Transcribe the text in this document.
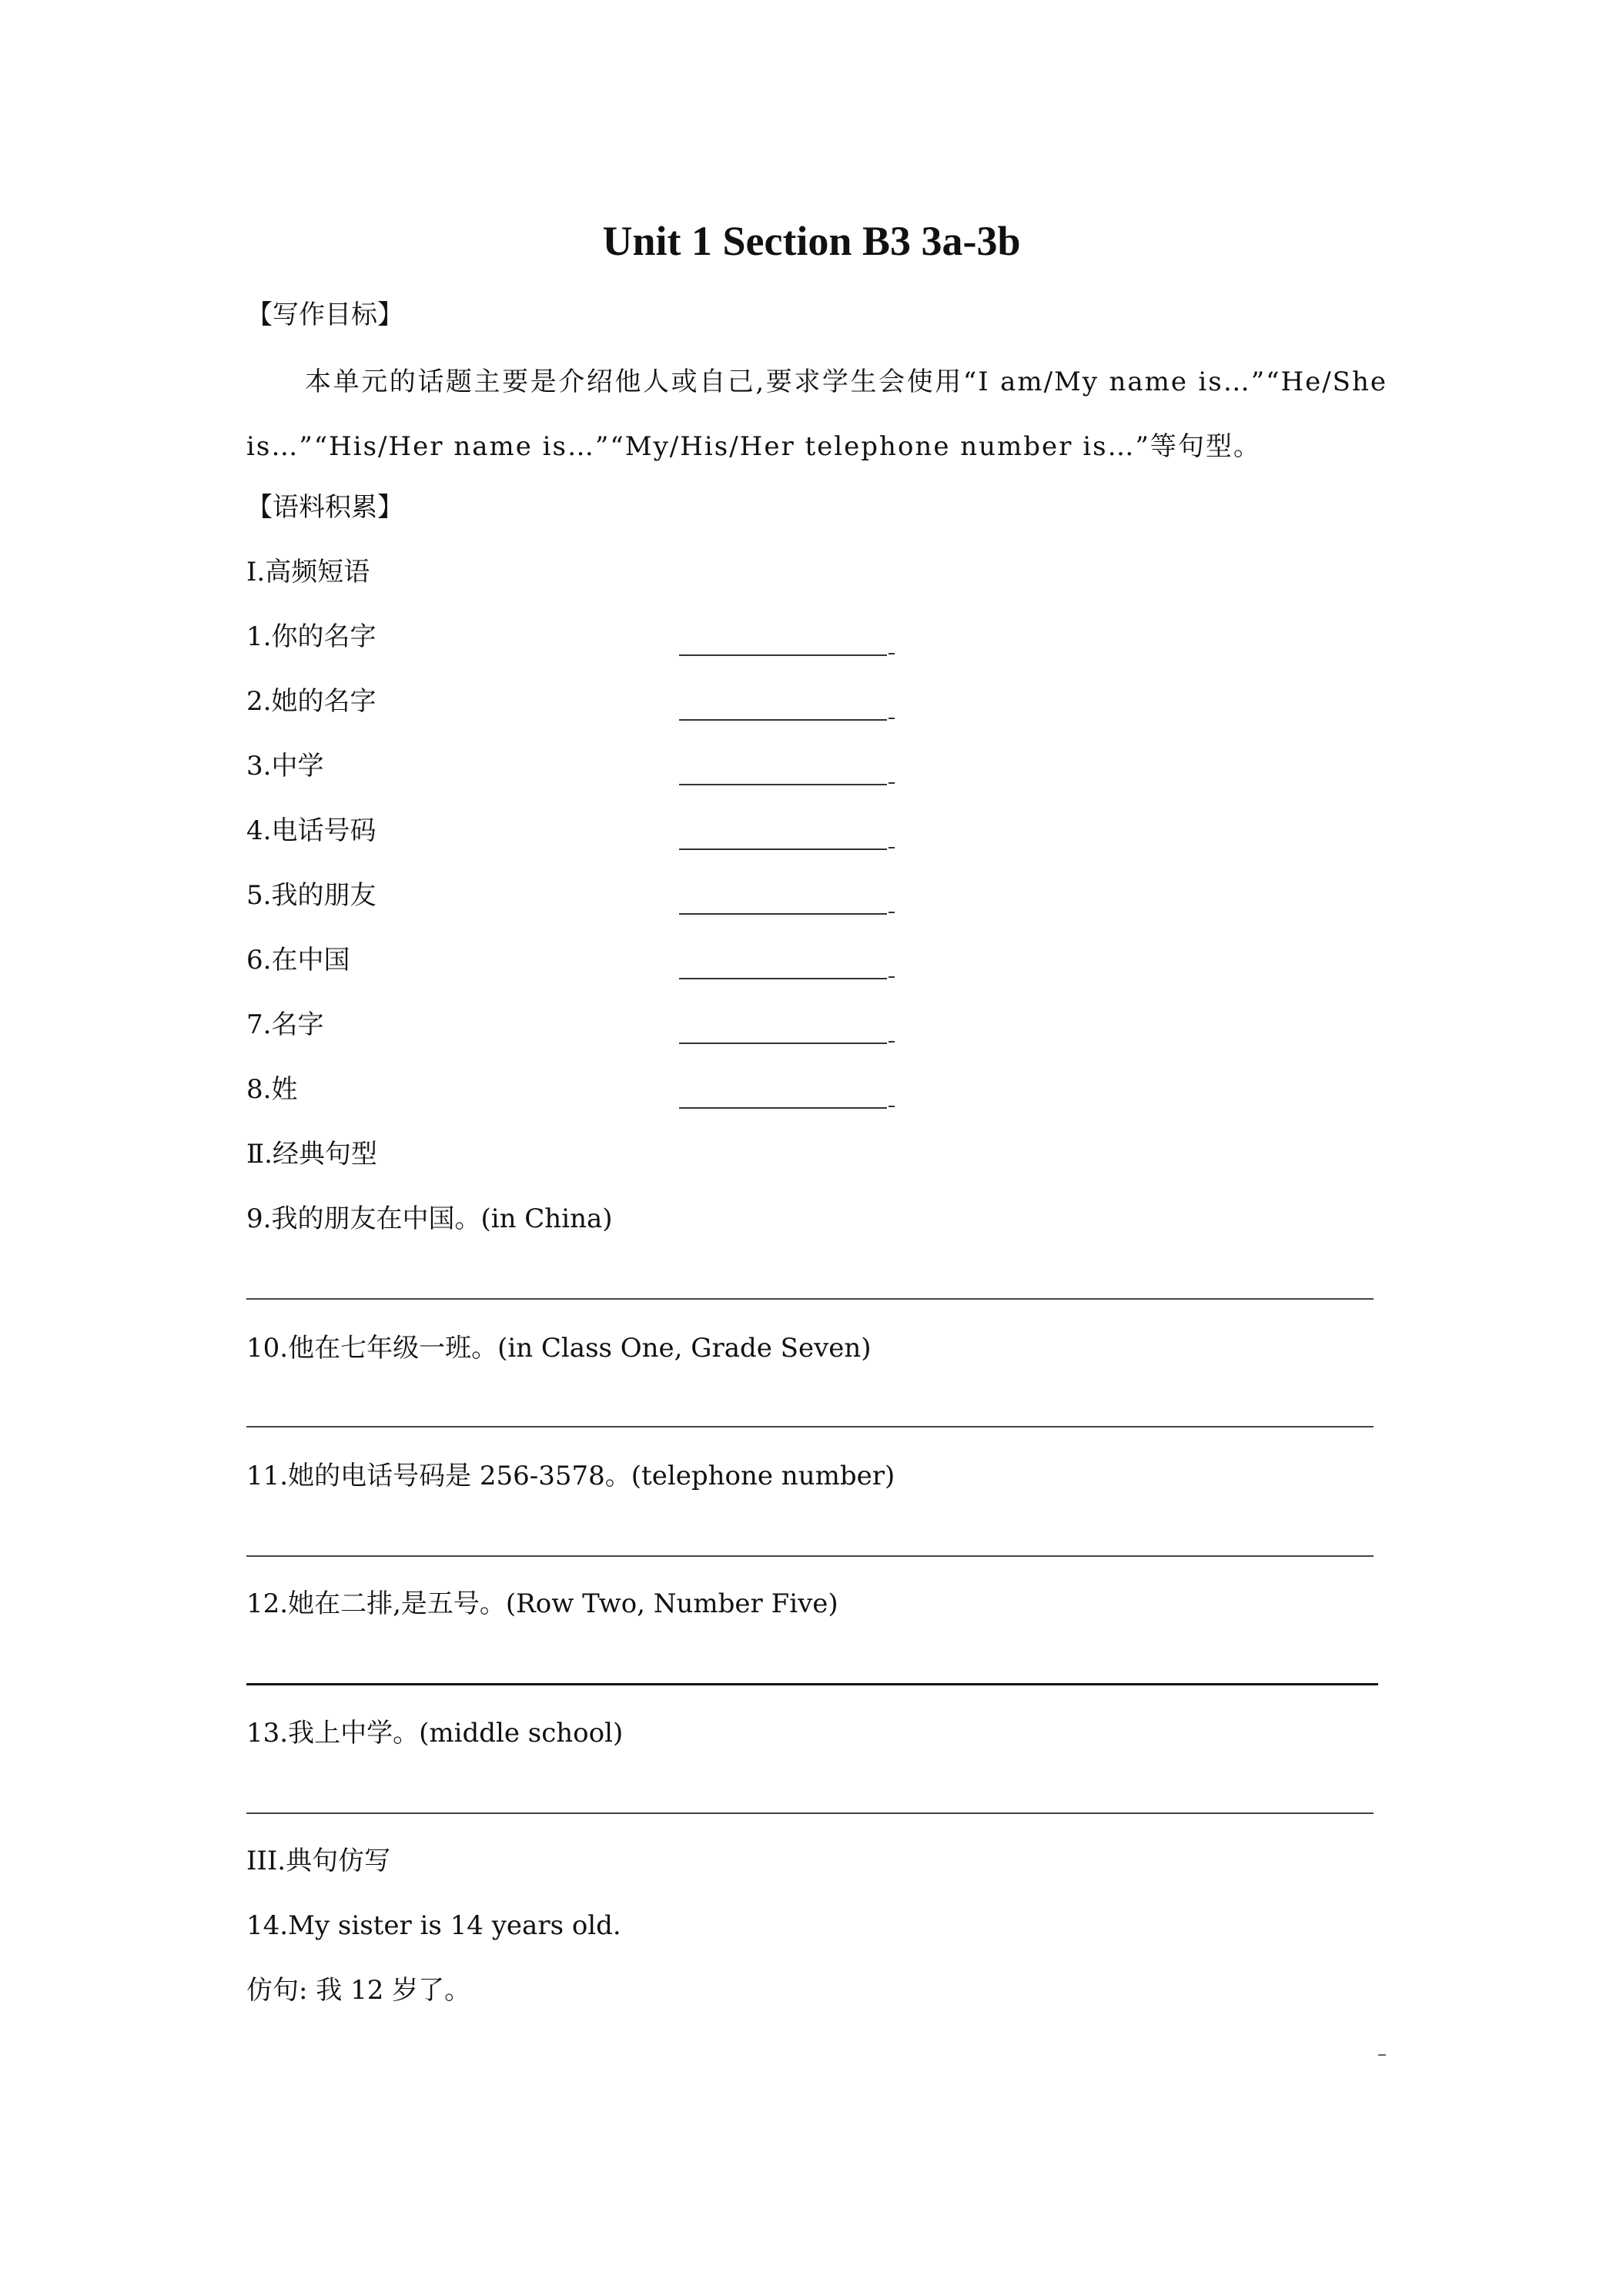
Unit 1 Section B3 3a-3b
【写作目标】
本单元的话题主要是介绍他人或自己,要求学生会使用“I am/My name is…”“He/She is…”“His/Her name is…”“My/His/Her telephone number is…”等句型。
【语料积累】
Ⅰ.高频短语
1.你的名字
2.她的名字
3.中学
4.电话号码
5.我的朋友
6.在中国
7.名字
8.姓
Ⅱ.经典句型
9.我的朋友在中国。(in China)
10.他在七年级一班。(in Class One, Grade Seven)
11.她的电话号码是 256-3578。(telephone number)
12.她在二排,是五号。(Row Two, Number Five)
13.我上中学。(middle school)
III.典句仿写
14.My sister is 14 years old.
仿句: 我 12 岁了。
